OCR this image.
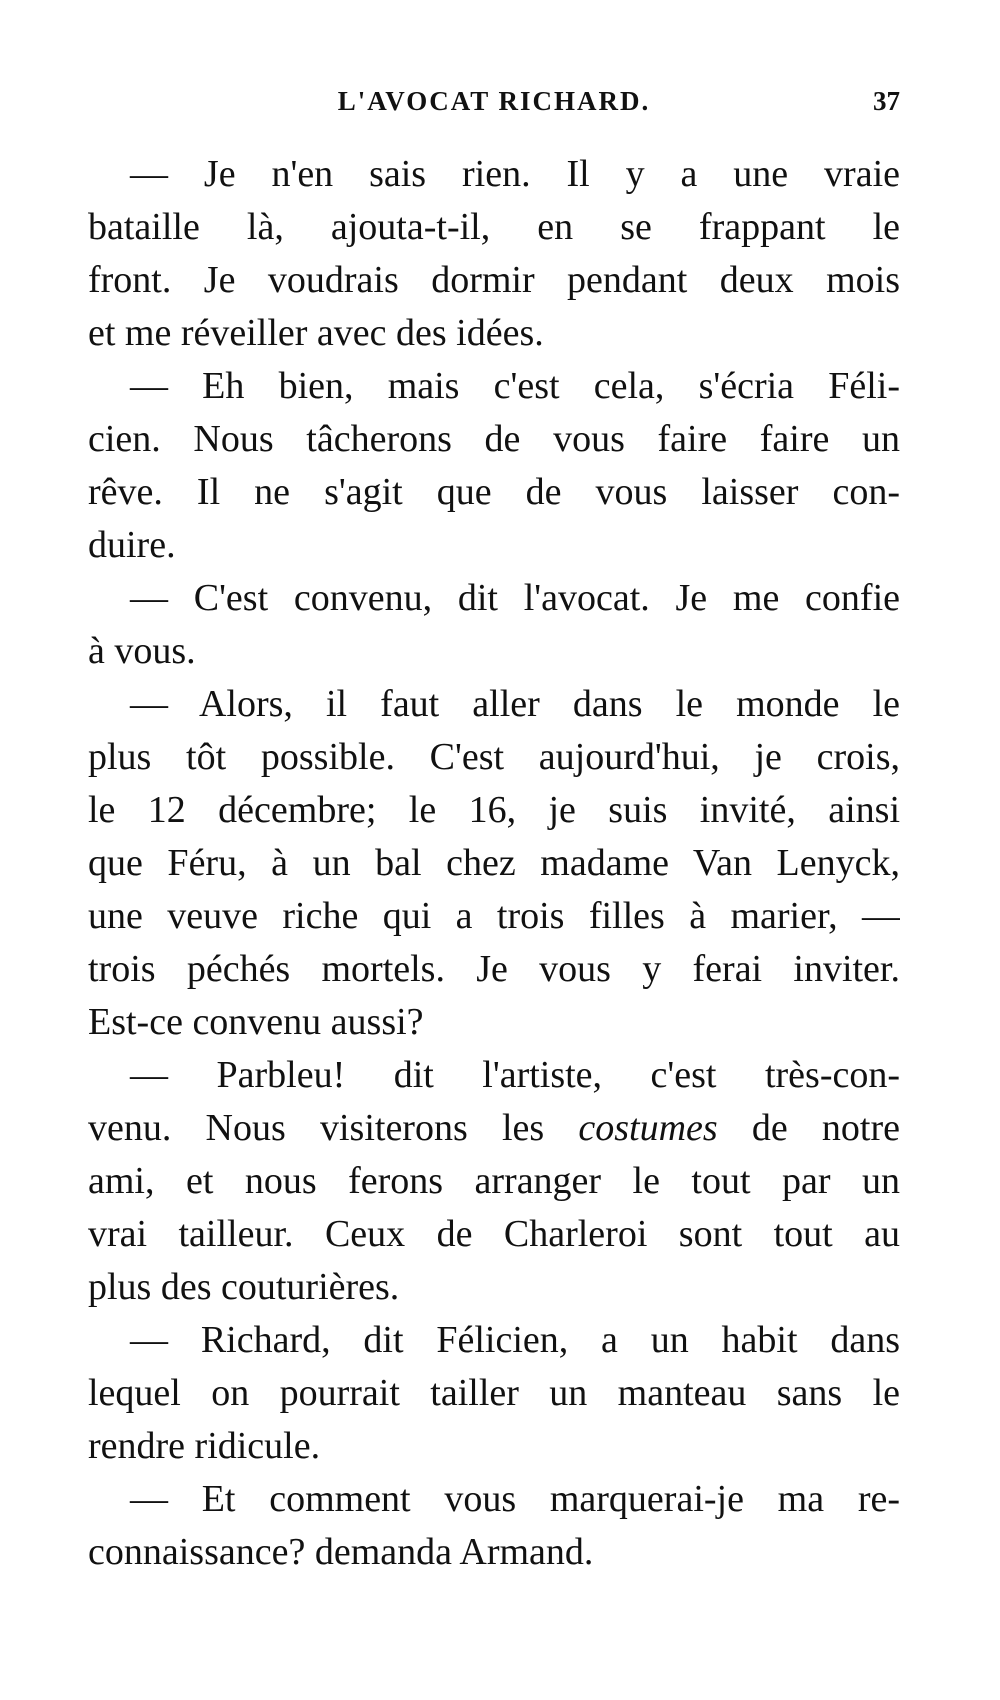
L'AVOCAT RICHARD.	37
— Je n'en sais rien. Il y a une vraie
bataille là, ajouta-t-il, en se frappant le
front. Je voudrais dormir pendant deux mois
et me réveiller avec des idées.
— Eh bien, mais c'est cela, s'écria Féli-
cien. Nous tâcherons de vous faire faire un
rêve. Il ne s'agit que de vous laisser con-
duire.
— C'est convenu, dit l'avocat. Je me confie
à vous.
— Alors, il faut aller dans le monde le
plus tôt possible. C'est aujourd'hui, je crois,
le 12 décembre; le 16, je suis invité, ainsi
que Féru, à un bal chez madame Van Lenyck,
une veuve riche qui a trois filles à marier, —
trois péchés mortels. Je vous y ferai inviter.
Est-ce convenu aussi?
— Parbleu! dit l'artiste, c'est très-con-
venu. Nous visiterons les costumes de notre
ami, et nous ferons arranger le tout par un
vrai tailleur. Ceux de Charleroi sont tout au
plus des couturières.
— Richard, dit Félicien, a un habit dans
lequel on pourrait tailler un manteau sans le
rendre ridicule.
— Et comment vous marquerai-je ma re-
connaissance? demanda Armand.
